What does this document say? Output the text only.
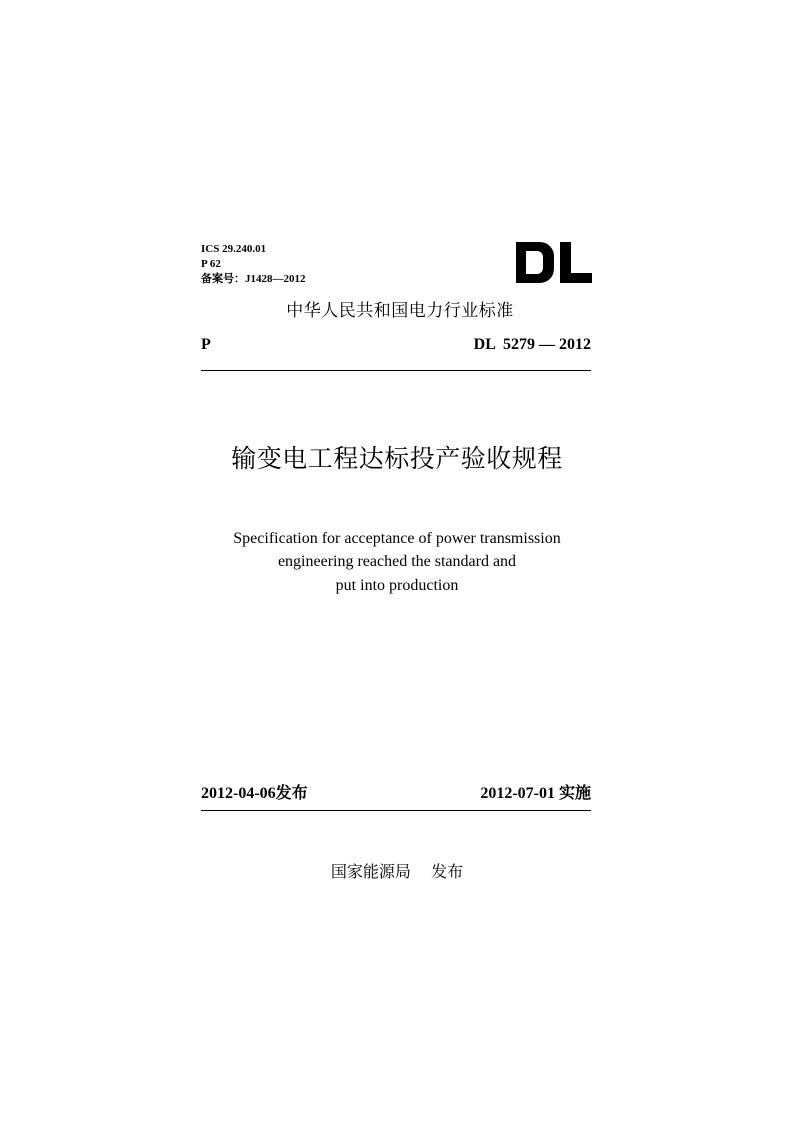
ICS 29.240.01
P 62
备案号：J1428—2012
中华人民共和国电力行业标准
P	DL  5279 — 2012
输变电工程达标投产验收规程
Specification for acceptance of power transmission
engineering reached the standard and
put into production
2012-04-06发布	2012-07-01 实施
国家能源局 发布
